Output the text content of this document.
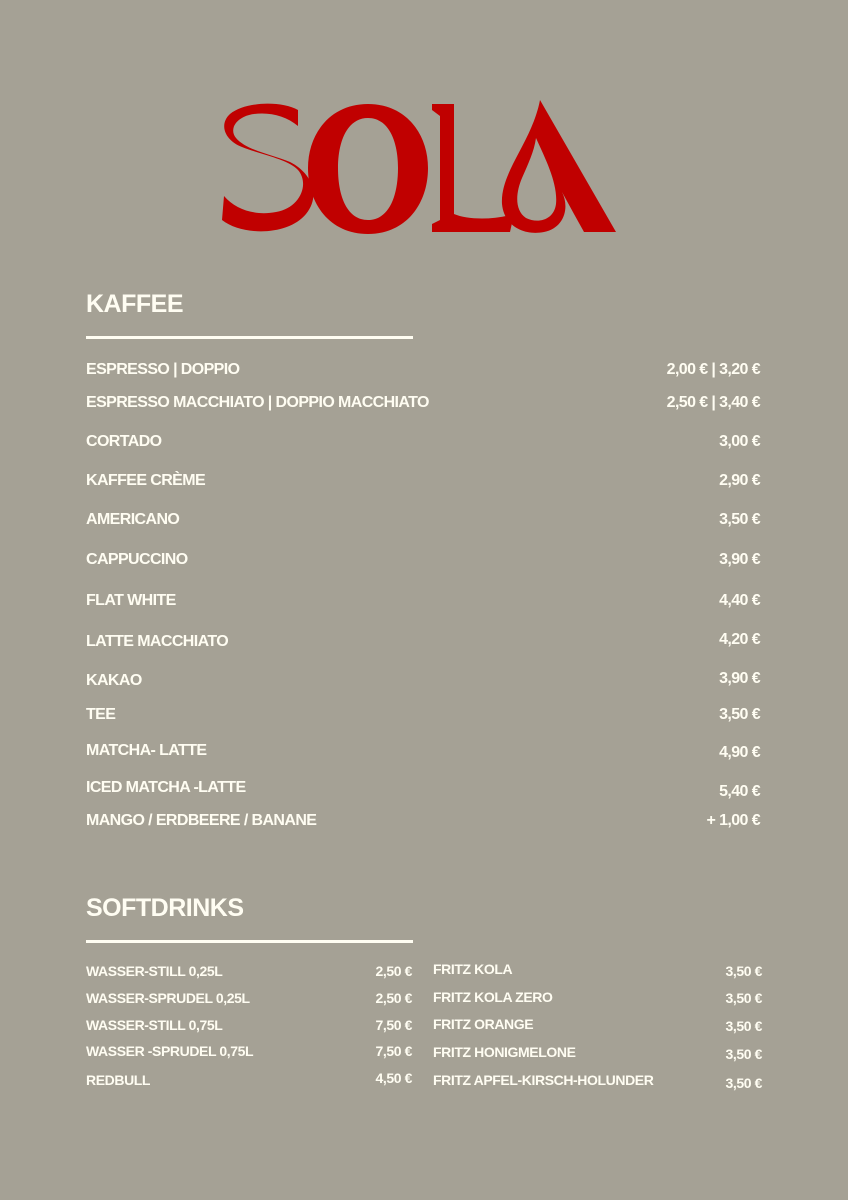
KAFFEE
ESPRESSO | DOPPIO	2,00 € | 3,20 €
ESPRESSO MACCHIATO | DOPPIO MACCHIATO	2,50 € | 3,40 €
CORTADO	3,00 €
KAFFEE CRÈME	2,90 €
AMERICANO	3,50 €
CAPPUCCINO	3,90 €
FLAT WHITE	4,40 €
LATTE MACCHIATO	4,20 €
KAKAO	3,90 €
TEE	3,50 €
MATCHA- LATTE	4,90 €
ICED MATCHA -LATTE	5,40 €
MANGO / ERDBEERE / BANANE	+ 1,00 €
SOFTDRINKS
WASSER-STILL 0,25L	2,50 €
WASSER-SPRUDEL 0,25L	2,50 €
WASSER-STILL 0,75L	7,50 €
WASSER -SPRUDEL 0,75L	7,50 €
REDBULL	4,50 €
FRITZ KOLA	3,50 €
FRITZ KOLA ZERO	3,50 €
FRITZ ORANGE	3,50 €
FRITZ HONIGMELONE	3,50 €
FRITZ APFEL-KIRSCH-HOLUNDER	3,50 €
